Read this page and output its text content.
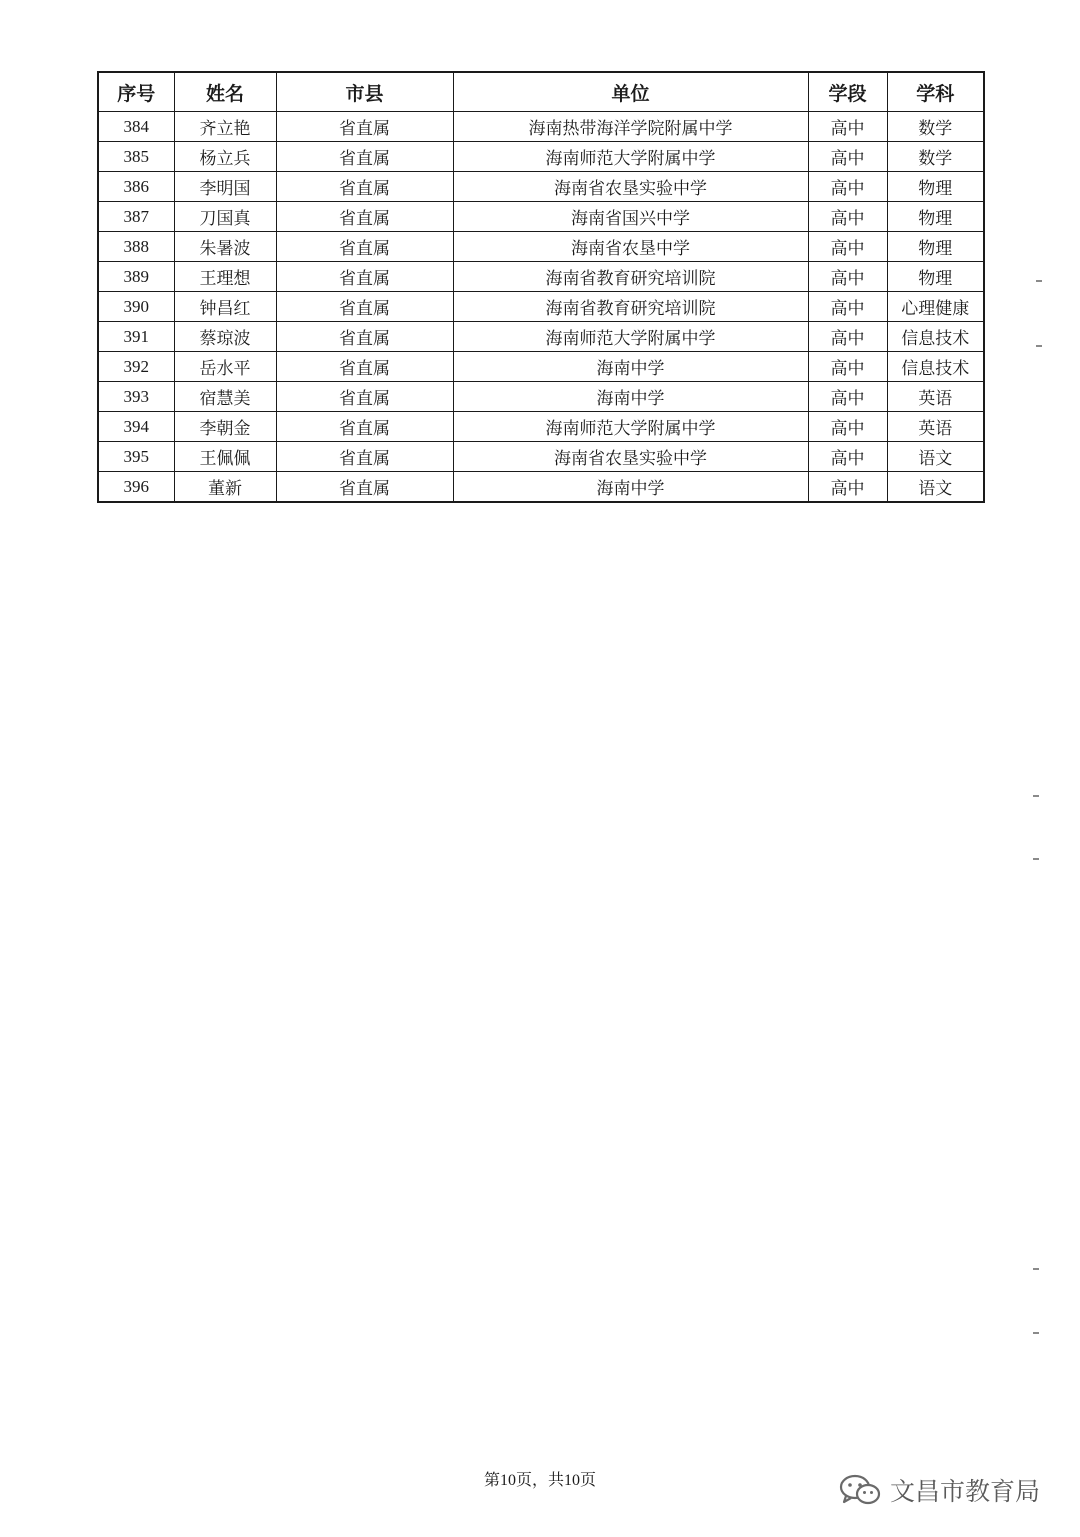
序号	姓名	市县	单位	学段	学科
384	齐立艳	省直属	海南热带海洋学院附属中学	高中	数学
385	杨立兵	省直属	海南师范大学附属中学	高中	数学
386	李明国	省直属	海南省农垦实验中学	高中	物理
387	刀国真	省直属	海南省国兴中学	高中	物理
388	朱暑波	省直属	海南省农垦中学	高中	物理
389	王理想	省直属	海南省教育研究培训院	高中	物理
390	钟昌红	省直属	海南省教育研究培训院	高中	心理健康
391	蔡琼波	省直属	海南师范大学附属中学	高中	信息技术
392	岳水平	省直属	海南中学	高中	信息技术
393	宿慧美	省直属	海南中学	高中	英语
394	李朝金	省直属	海南师范大学附属中学	高中	英语
395	王佩佩	省直属	海南省农垦实验中学	高中	语文
396	董新	省直属	海南中学	高中	语文
第10页，共10页	文昌市教育局
